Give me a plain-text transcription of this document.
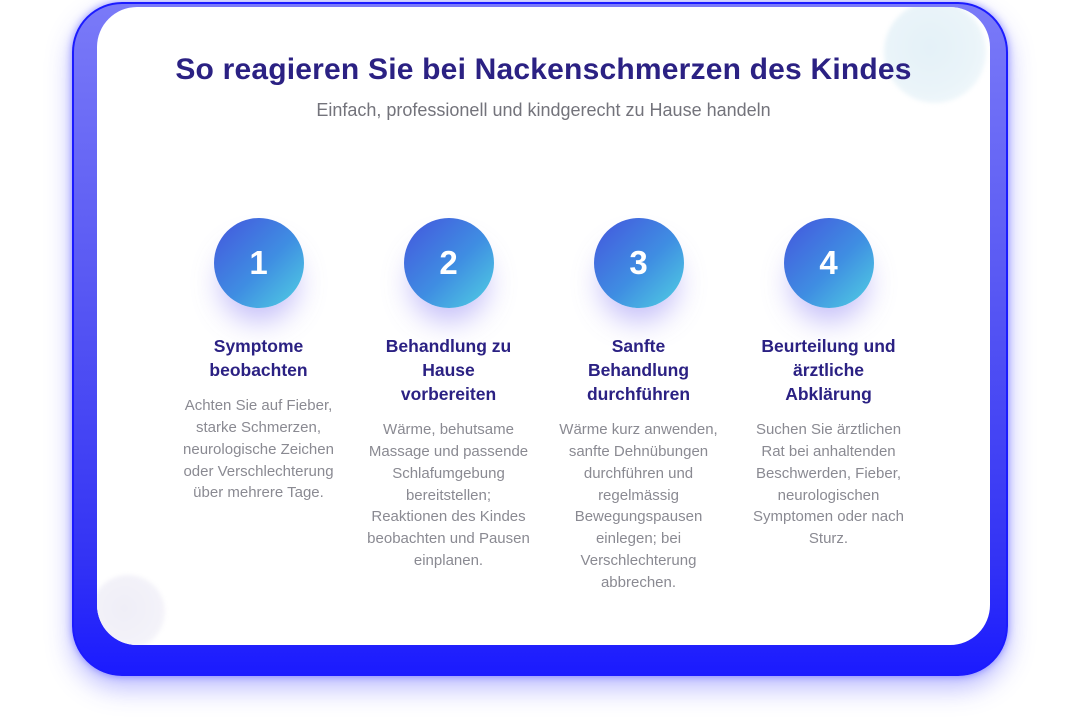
So reagieren Sie bei Nackenschmerzen des Kindes
Einfach, professionell und kindgerecht zu Hause handeln
1
Symptome beobachten
Achten Sie auf Fieber, starke Schmerzen, neurologische Zeichen oder Verschlechterung über mehrere Tage.
2
Behandlung zu Hause vorbereiten
Wärme, behutsame Massage und passende Schlafumgebung bereitstellen; Reaktionen des Kindes beobachten und Pausen einplanen.
3
Sanfte Behandlung durchführen
Wärme kurz anwenden, sanfte Dehnübungen durchführen und regelmässig Bewegungspausen einlegen; bei Verschlechterung abbrechen.
4
Beurteilung und ärztliche Abklärung
Suchen Sie ärztlichen Rat bei anhaltenden Beschwerden, Fieber, neurologischen Symptomen oder nach Sturz.
